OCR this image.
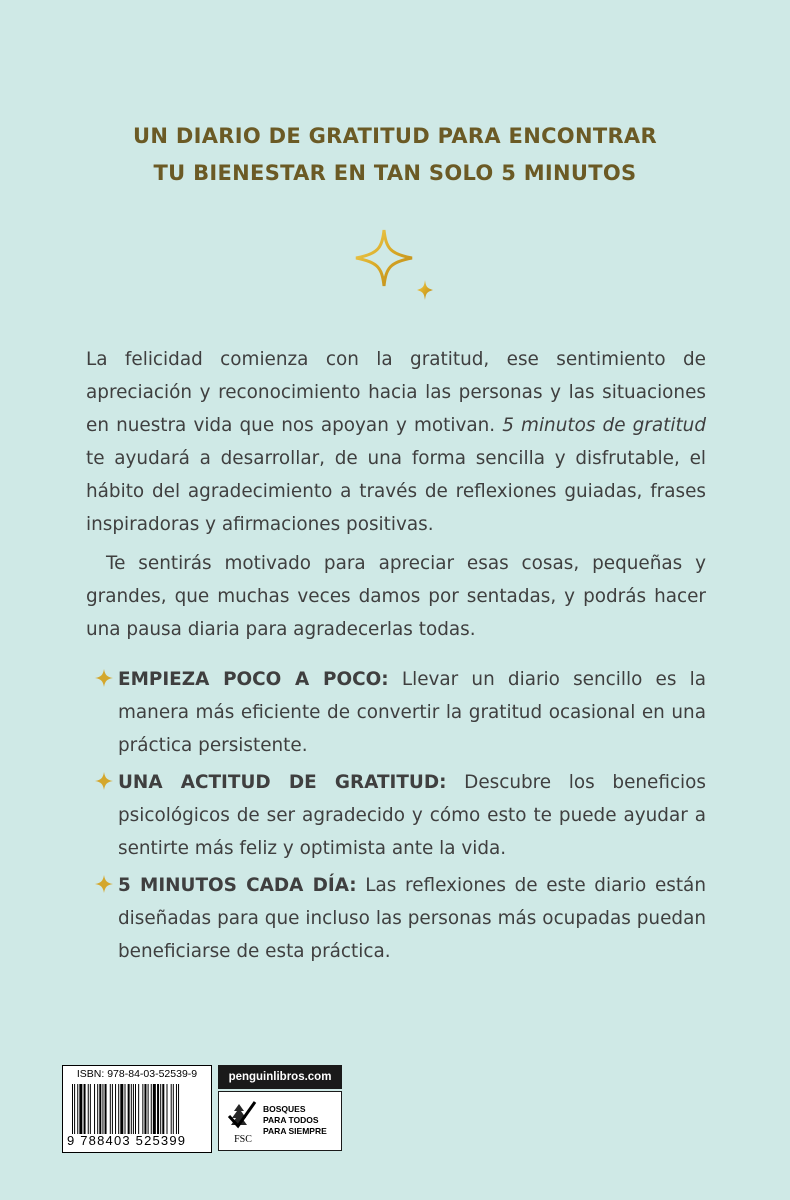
UN DIARIO DE GRATITUD PARA ENCONTRAR
TU BIENESTAR EN TAN SOLO 5 MINUTOS

La felicidad comienza con la gratitud, ese sentimiento de apreciación y reconocimiento hacia las personas y las situaciones en nuestra vida que nos apoyan y motivan. 5 minutos de gratitud te ayudará a desarrollar, de una forma sencilla y disfrutable, el hábito del agradecimiento a través de reflexiones guiadas, frases inspiradoras y afirmaciones positivas.

Te sentirás motivado para apreciar esas cosas, pequeñas y grandes, que muchas veces damos por sentadas, y podrás hacer una pausa diaria para agradecerlas todas.

EMPIEZA POCO A POCO: Llevar un diario sencillo es la manera más eficiente de convertir la gratitud ocasional en una práctica persistente.
UNA ACTITUD DE GRATITUD: Descubre los beneficios psicológicos de ser agradecido y cómo esto te puede ayudar a sentirte más feliz y optimista ante la vida.
5 MINUTOS CADA DÍA: Las reflexiones de este diario están diseñadas para que incluso las personas más ocupadas puedan beneficiarse de esta práctica.
ISBN: 978-84-03-52539-9
9 788403 525399
penguinlibros.com
FSC
BOSQUES
PARA TODOS
PARA SIEMPRE
